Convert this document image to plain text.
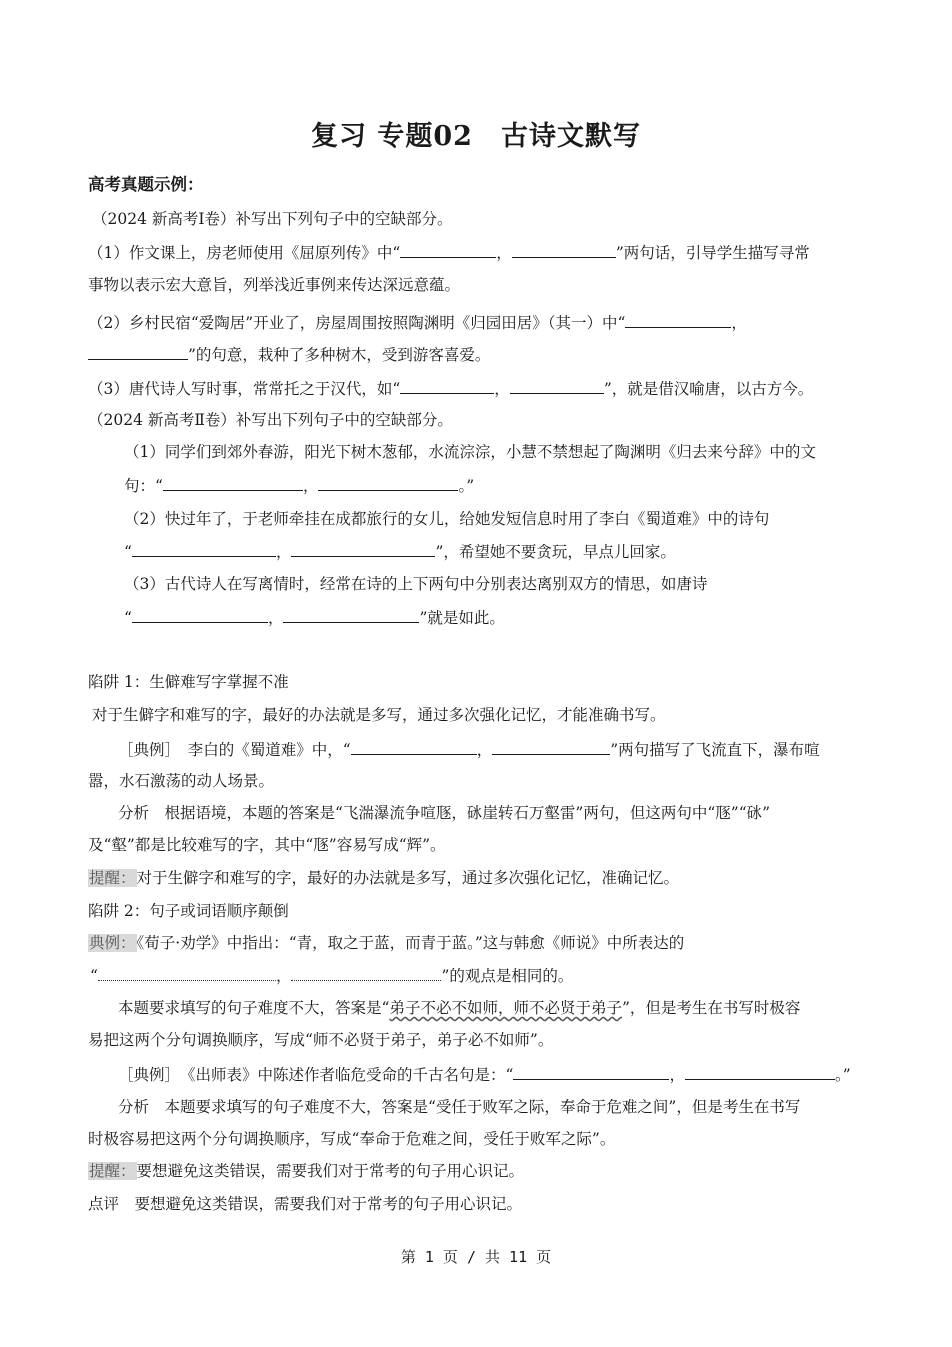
复习 专题02　古诗文默写
高考真题示例：
（2024 新高考Ⅰ卷）补写出下列句子中的空缺部分。
（1）作文课上，房老师使用《屈原列传》中“	，	”两句话，引导学生描写寻常
事物以表示宏大意旨，列举浅近事例来传达深远意蕴。
（2）乡村民宿“爱陶居”开业了，房屋周围按照陶渊明《归园田居》（其一）中“	，
”的句意，栽种了多种树木，受到游客喜爱。
（3）唐代诗人写时事，常常托之于汉代，如“	，	”，就是借汉喻唐，以古方今。
（2024 新高考Ⅱ卷）补写出下列句子中的空缺部分。
（1）同学们到郊外春游，阳光下树木葱郁，水流淙淙，小慧不禁想起了陶渊明《归去来兮辞》中的文
句：“	，	。”
（2）快过年了，于老师牵挂在成都旅行的女儿，给她发短信息时用了李白《蜀道难》中的诗句
“	，	”，希望她不要贪玩，早点儿回家。
（3）古代诗人在写离情时，经常在诗的上下两句中分别表达离别双方的情思，如唐诗
“	，	”就是如此。
陷阱 1：生僻难写字掌握不准
对于生僻字和难写的字，最好的办法就是多写，通过多次强化记忆，才能准确书写。
［典例］　李白的《蜀道难》中，“	，	”两句描写了飞流直下，瀑布喧
嚣，水石激荡的动人场景。
分析　根据语境，本题的答案是“飞湍瀑流争喧豗，砯崖转石万壑雷”两句，但这两句中“豗”“砯”
及“壑”都是比较难写的字，其中“豗”容易写成“辉”。
提醒：对于生僻字和难写的字，最好的办法就是多写，通过多次强化记忆，准确记忆。
陷阱 2：句子或词语顺序颠倒
典例：《荀子·劝学》中指出：“青，取之于蓝，而青于蓝。”这与韩愈《师说》中所表达的
“	，	”的观点是相同的。
本题要求填写的句子难度不大，答案是“弟子不必不如师，师不必贤于弟子”，但是考生在书写时极容
易把这两个分句调换顺序，写成“师不必贤于弟子，弟子必不如师”。
［典例］　《出师表》中陈述作者临危受命的千古名句是：“	，	。”
分析　本题要求填写的句子难度不大，答案是“受任于败军之际，奉命于危难之间”，但是考生在书写
时极容易把这两个分句调换顺序，写成“奉命于危难之间，受任于败军之际”。
提醒：要想避免这类错误，需要我们对于常考的句子用心识记。
点评　要想避免这类错误，需要我们对于常考的句子用心识记。
第 1 页 / 共 11 页
